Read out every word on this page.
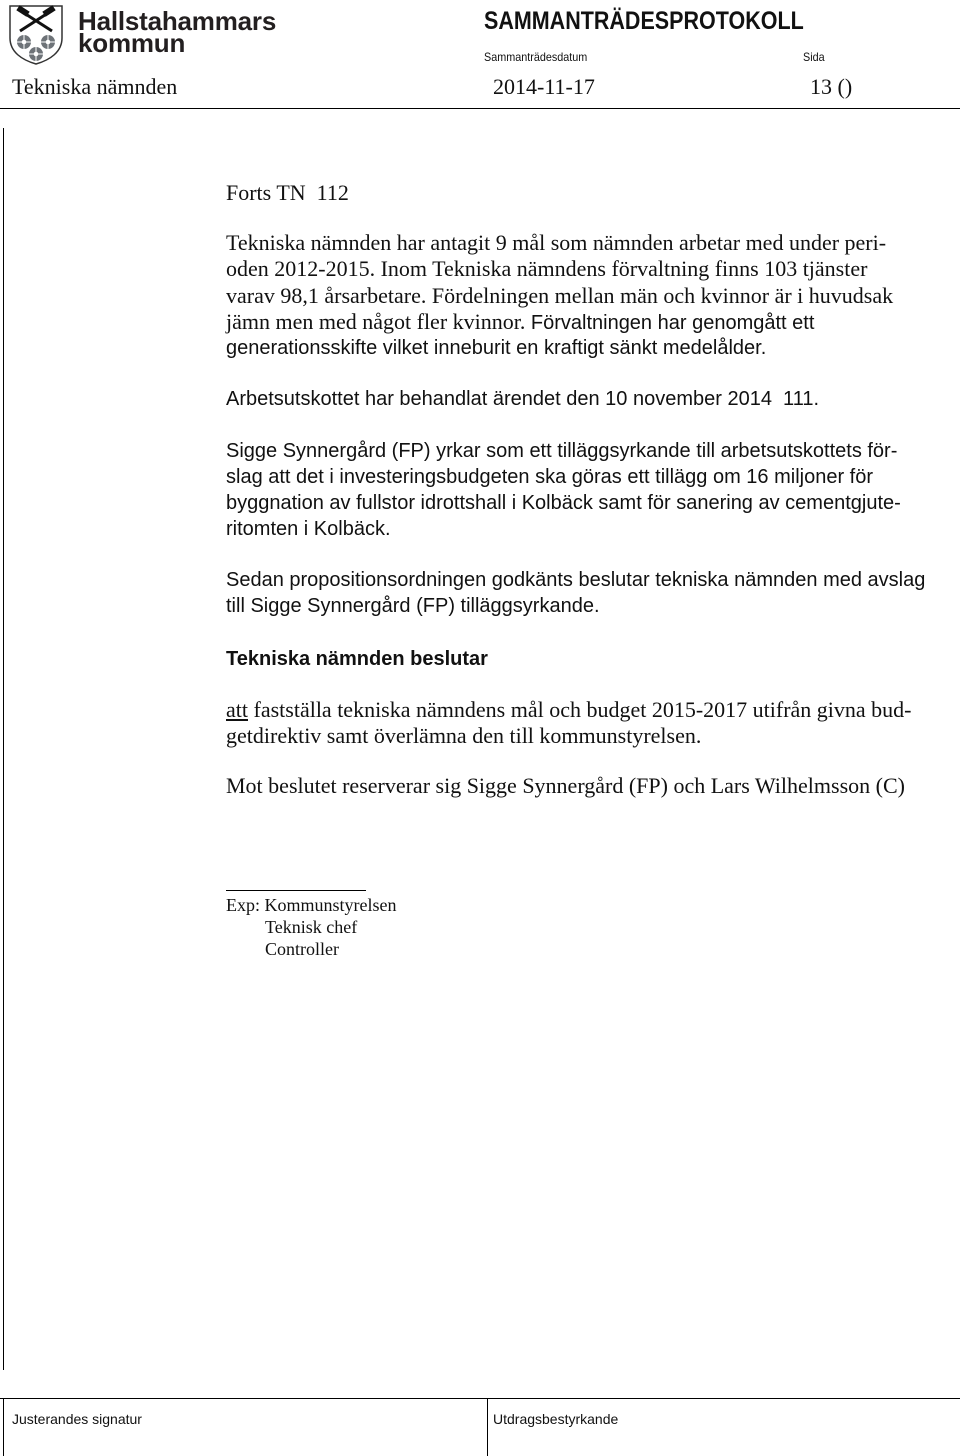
Hallstahammars
kommun
SAMMANTRÄDESPROTOKOLL
Sammanträdesdatum	Sida
Tekniska nämnden	2014-11-17	13 ()
Forts TN  112
Tekniska nämnden har antagit 9 mål som nämnden arbetar med under peri-
oden 2012-2015. Inom Tekniska nämndens förvaltning finns 103 tjänster
varav 98,1 årsarbetare. Fördelningen mellan män och kvinnor är i huvudsak
jämn men med något fler kvinnor. Förvaltningen har genomgått ett
generationsskifte vilket inneburit en kraftigt sänkt medelålder.
Arbetsutskottet har behandlat ärendet den 10 november 2014  111.
Sigge Synnergård (FP) yrkar som ett tilläggsyrkande till arbetsutskottets för-
slag att det i investeringsbudgeten ska göras ett tillägg om 16 miljoner för
byggnation av fullstor idrottshall i Kolbäck samt för sanering av cementgjute-
ritomten i Kolbäck.
Sedan propositionsordningen godkänts beslutar tekniska nämnden med avslag
till Sigge Synnergård (FP) tilläggsyrkande.
Tekniska nämnden beslutar
att fastställa tekniska nämndens mål och budget 2015-2017 utifrån givna bud-
getdirektiv samt överlämna den till kommunstyrelsen.
Mot beslutet reserverar sig Sigge Synnergård (FP) och Lars Wilhelmsson (C)
Exp: Kommunstyrelsen
Teknisk chef
Controller
Justerandes signatur	Utdragsbestyrkande
